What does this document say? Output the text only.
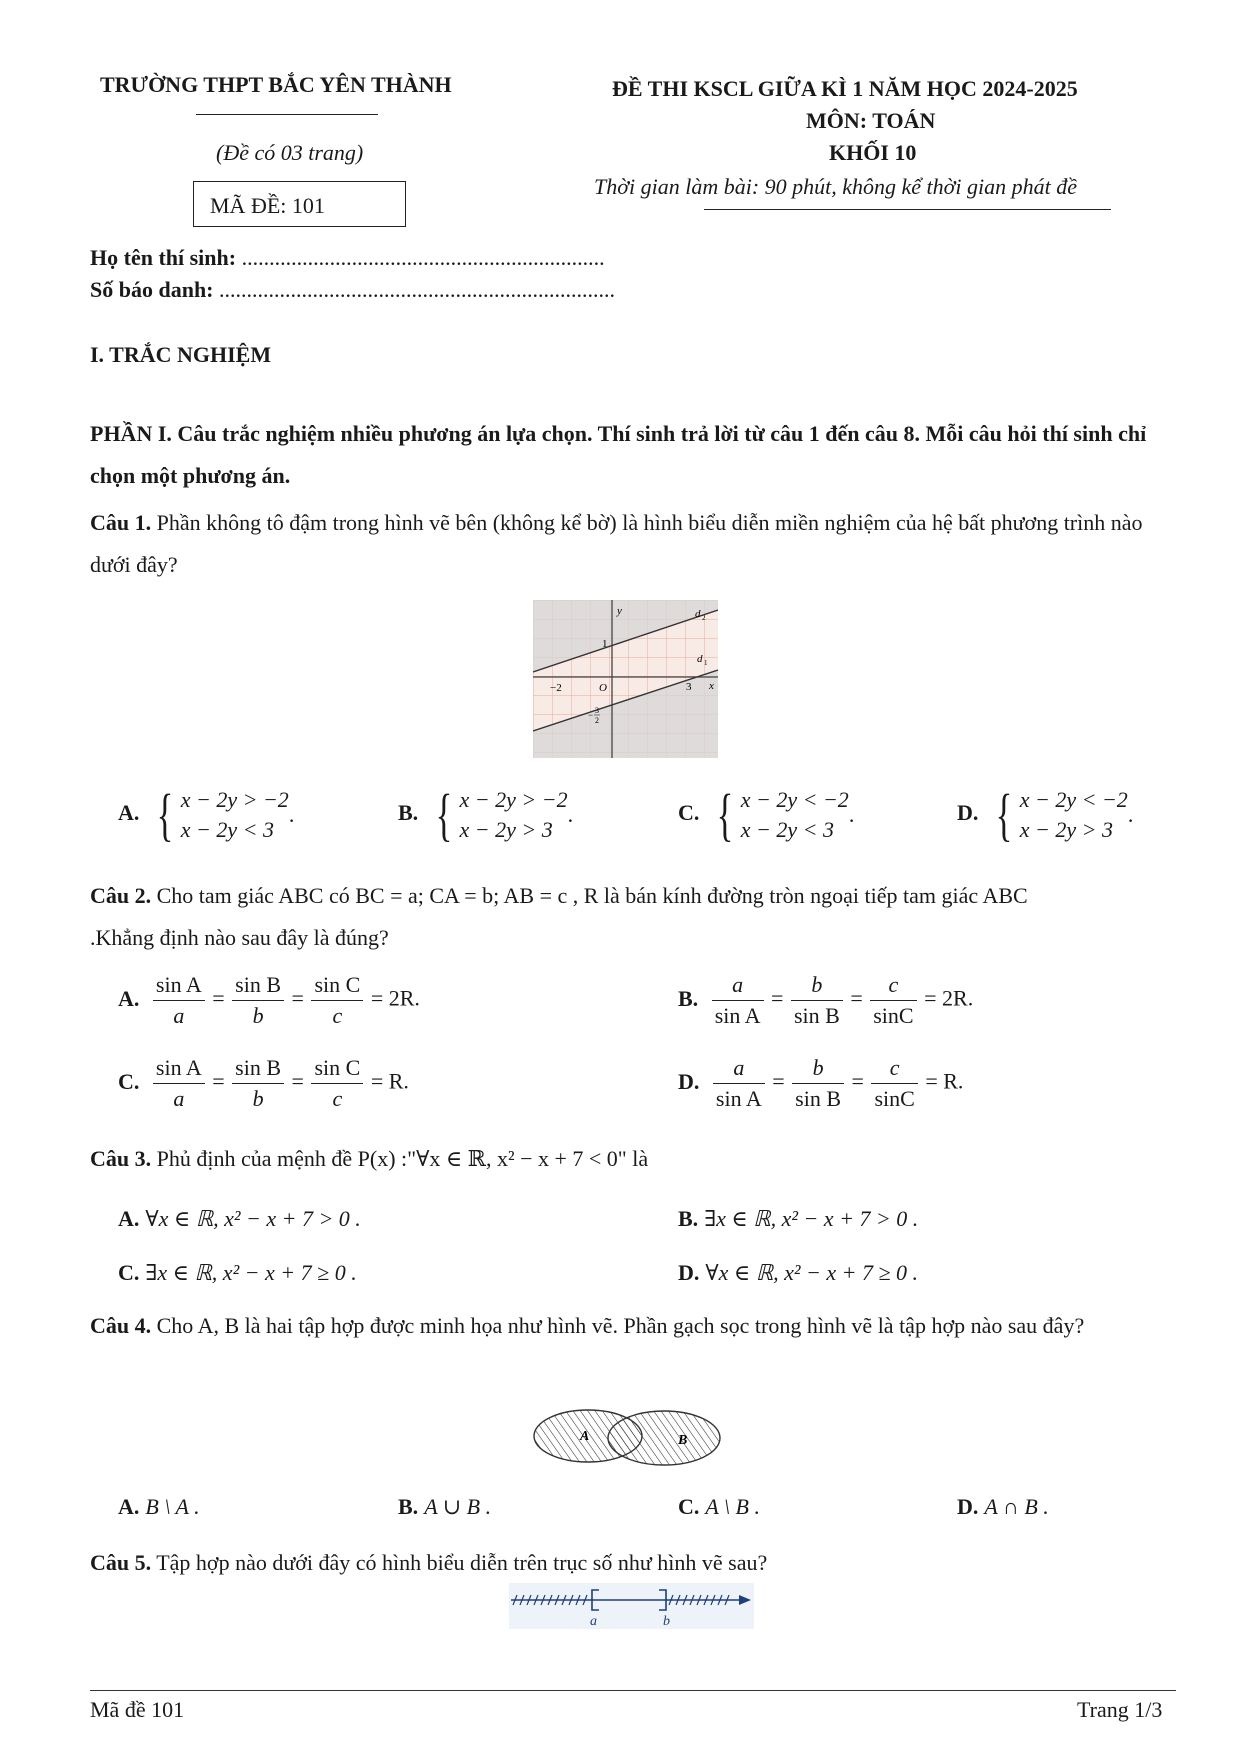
TRƯỜNG THPT BẮC YÊN THÀNH
(Đề có 03 trang)
MÃ ĐỀ: 101
ĐỀ THI KSCL GIỮA KÌ 1 NĂM HỌC 2024-2025
MÔN: TOÁN
KHỐI 10
Thời gian làm bài: 90 phút, không kể thời gian phát đề
Họ tên thí sinh: ..................................................................
Số báo danh: ........................................................................
I. TRẮC NGHIỆM
PHẦN I. Câu trắc nghiệm nhiều phương án lựa chọn. Thí sinh trả lời từ câu 1 đến câu 8. Mỗi câu hỏi thí sinh chỉ chọn một phương án.
Câu 1. Phần không tô đậm trong hình vẽ bên (không kể bờ) là hình biểu diễn miền nghiệm của hệ bất phương trình nào dưới đây?
y
x
O
1
−2	3
− 3
2
d 2
d 1
A. { x − 2y > −2
x − 2y < 3
.	B. { x − 2y > −2
x − 2y > 3
.	C. { x − 2y < −2
x − 2y < 3
.	D. { x − 2y < −2
x − 2y > 3
.
Câu 2. Cho tam giác ABC có BC = a; CA = b; AB = c , R là bán kính đường tròn ngoại tiếp tam giác ABC
.Khẳng định nào sau đây là đúng?
A. $\frac{\text{sin A}}{a} = \frac{\text{sin B}}{b} = \frac{\text{sin C}}{c} = 2R$.	B. $\frac{a}{\text{sin A}} = \frac{b}{\text{sin B}} = \frac{c}{\sin C} = 2R$.
C. $\frac{\text{sin A}}{a} = \frac{\text{sin B}}{b} = \frac{\text{sin C}}{c} = R$.	D. $\frac{a}{\text{sin A}} = \frac{b}{\text{sin B}} = \frac{c}{\sin C} = R$.
Câu 3. Phủ định của mệnh đề P(x) :"∀x ∈ ℝ, x² − x + 7 < 0" là
A. ∀x ∈ ℝ, x² − x + 7 > 0 .	B. ∃x ∈ ℝ, x² − x + 7 > 0 .
C. ∃x ∈ ℝ, x² − x + 7 ≥ 0 .	D. ∀x ∈ ℝ, x² − x + 7 ≥ 0 .
Câu 4. Cho A, B là hai tập hợp được minh họa như hình vẽ. Phần gạch sọc trong hình vẽ là tập hợp nào sau đây?
A	B
A. B \ A .	B. A ∪ B .	C. A \ B .	D. A ∩ B .
Câu 5. Tập hợp nào dưới đây có hình biểu diễn trên trục số như hình vẽ sau?
a	b
Mã đề 101	Trang 1/3
